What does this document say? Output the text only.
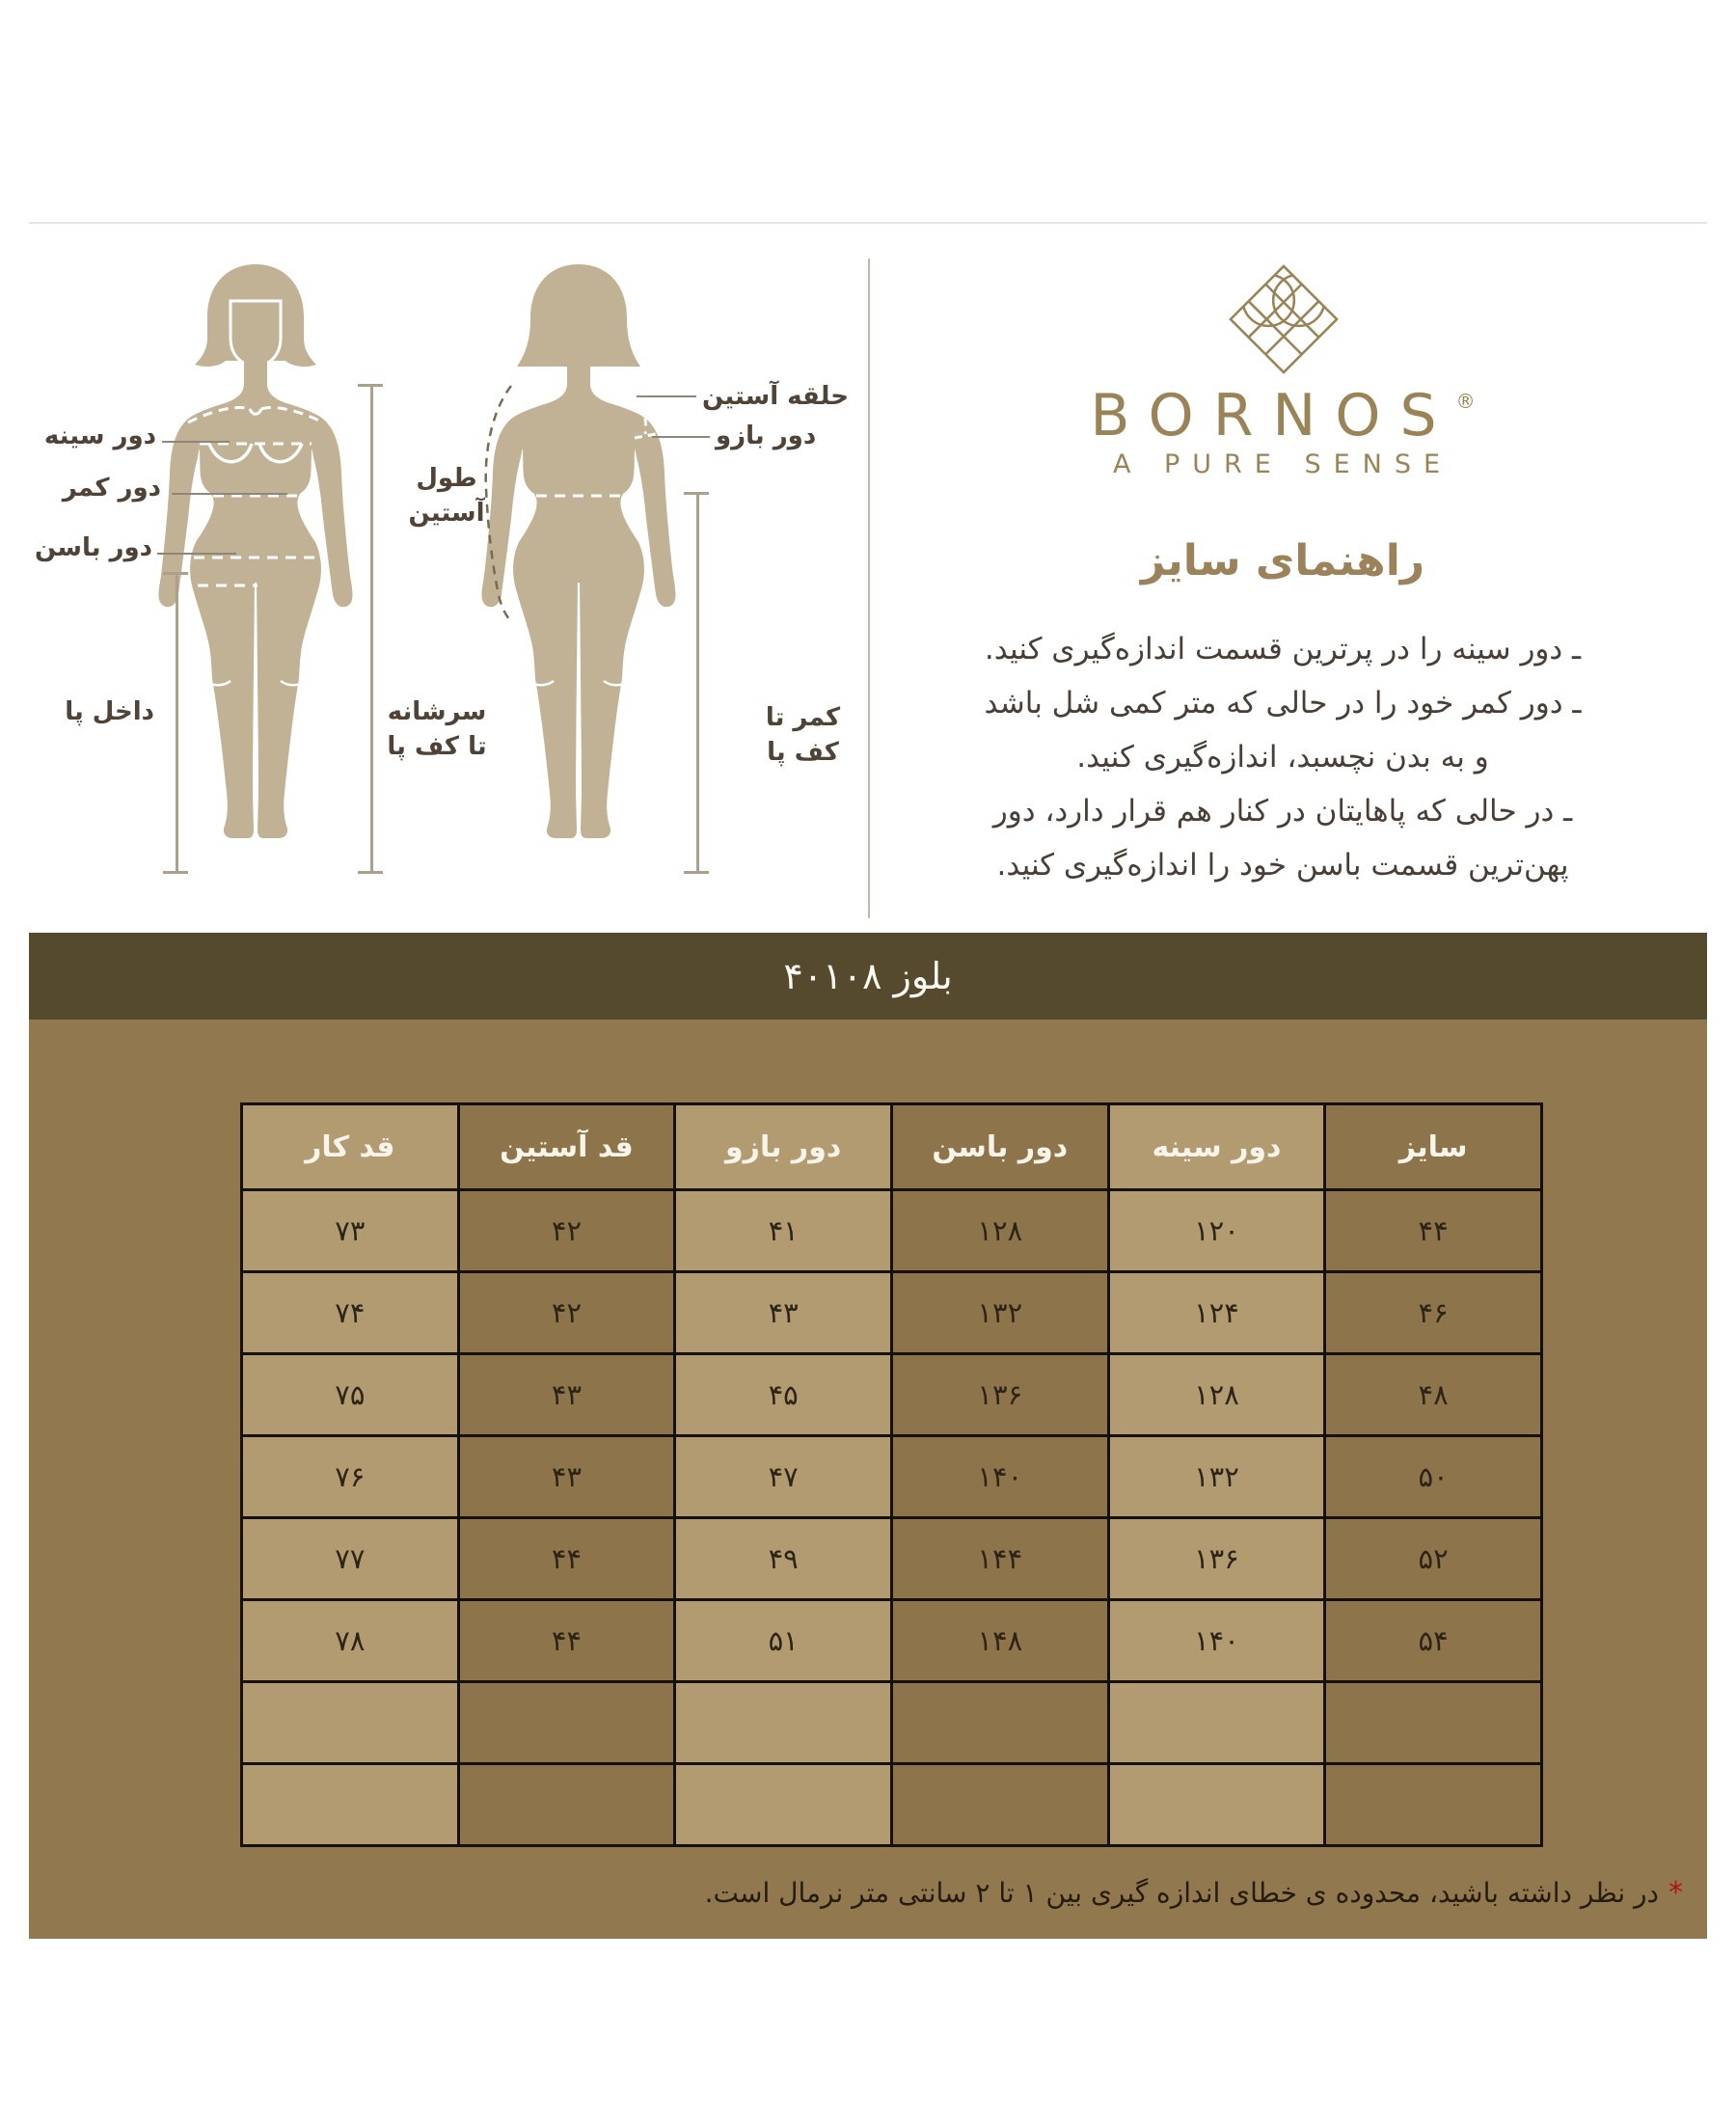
دور سینه
دور کمر
دور باسن
داخل پا	سرشانه تا کف پا
حلقه آستین
دور بازو
طول آستین
کمر تا کف پا
BORNOS®
A PURE SENSE
راهنمای سایز
ـ دور سینه را در پرترین قسمت اندازه‌گیری کنید.
ـ دور کمر خود را در حالی که متر کمی شل باشد
و به بدن نچسبد، اندازه‌گیری کنید.
ـ در حالی که پاهایتان در کنار هم قرار دارد، دور
پهن‌ترین قسمت باسن خود را اندازه‌گیری کنید.
بلوز ۴۰۱۰۸
سایز	دور سینه	دور باسن	دور بازو	قد آستین	قد کار
۴۴	۱۲۰	۱۲۸	۴۱	۴۲	۷۳
۴۶	۱۲۴	۱۳۲	۴۳	۴۲	۷۴
۴۸	۱۲۸	۱۳۶	۴۵	۴۳	۷۵
۵۰	۱۳۲	۱۴۰	۴۷	۴۳	۷۶
۵۲	۱۳۶	۱۴۴	۴۹	۴۴	۷۷
۵۴	۱۴۰	۱۴۸	۵۱	۴۴	۷۸

*در نظر داشته باشید، محدوده ی خطای اندازه گیری بین ۱ تا ۲ سانتی متر نرمال است.
